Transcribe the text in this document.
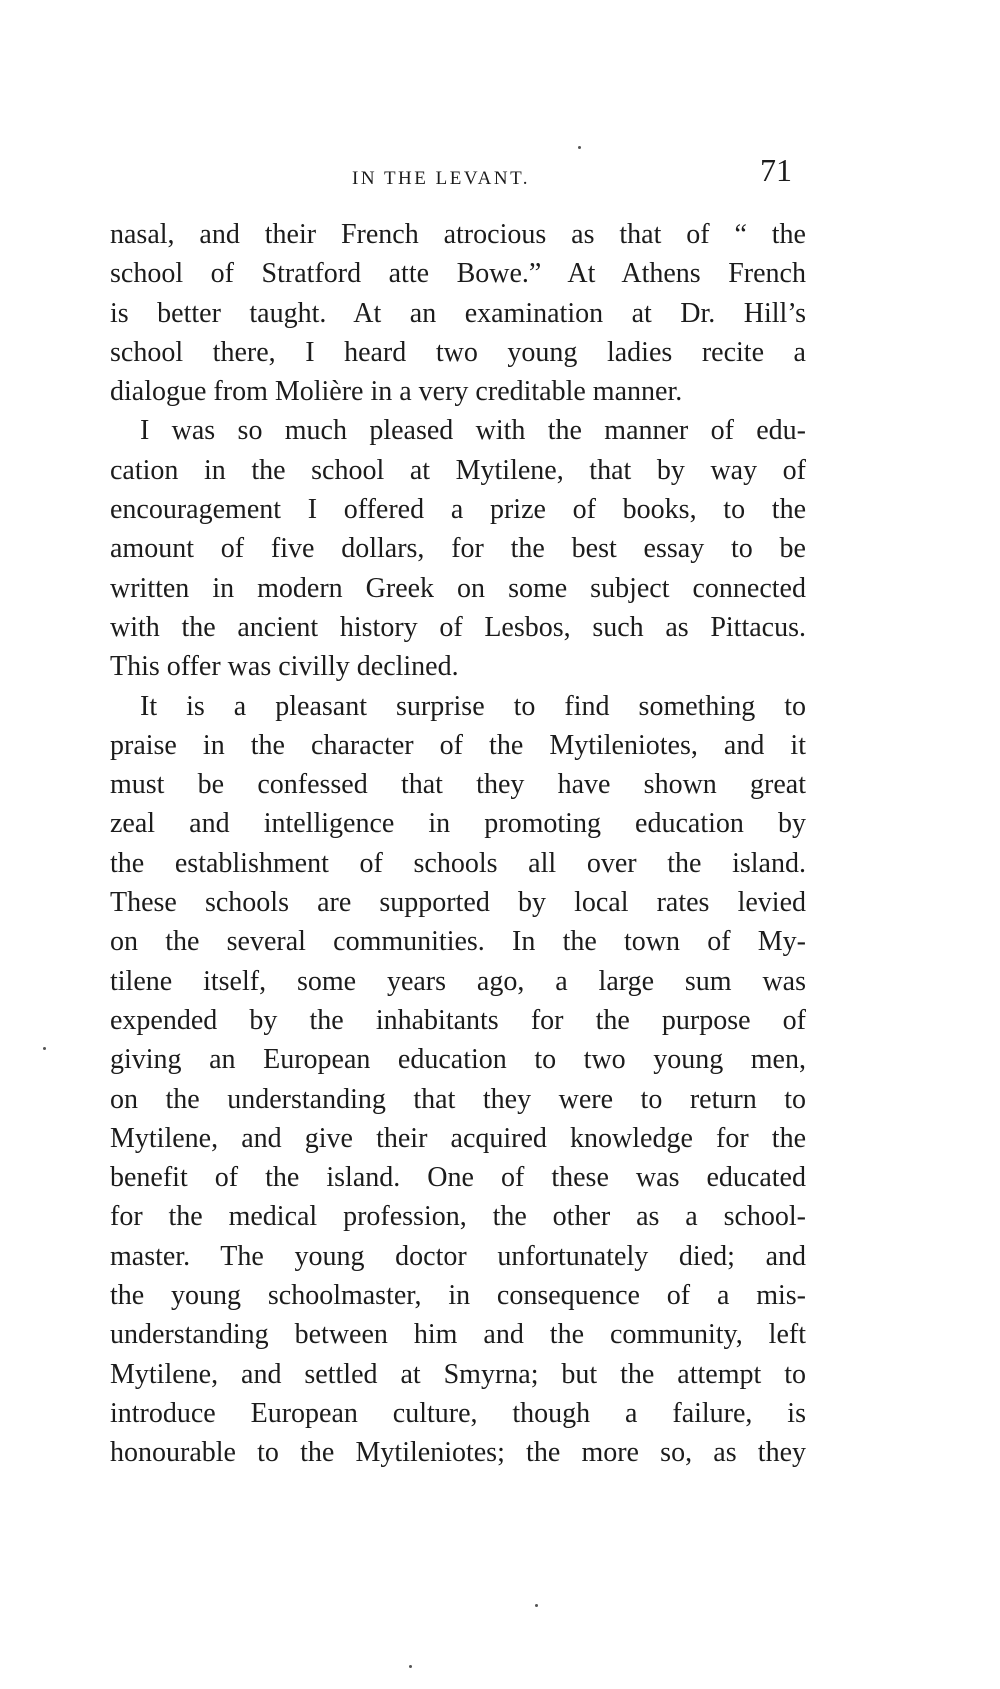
IN THE LEVANT.	71
nasal, and their French atrocious as that of “ the
school of Stratford atte Bowe.” At Athens French
is better taught. At an examination at Dr. Hill’s
school there, I heard two young ladies recite a
dialogue from Molière in a very creditable manner.
I was so much pleased with the manner of edu-
cation in the school at Mytilene, that by way of
encouragement I offered a prize of books, to the
amount of five dollars, for the best essay to be
written in modern Greek on some subject connected
with the ancient history of Lesbos, such as Pittacus.
This offer was civilly declined.
It is a pleasant surprise to find something to
praise in the character of the Mytileniotes, and it
must be confessed that they have shown great
zeal and intelligence in promoting education by
the establishment of schools all over the island.
These schools are supported by local rates levied
on the several communities. In the town of My-
tilene itself, some years ago, a large sum was
expended by the inhabitants for the purpose of
giving an European education to two young men,
on the understanding that they were to return to
Mytilene, and give their acquired knowledge for the
benefit of the island. One of these was educated
for the medical profession, the other as a school-
master. The young doctor unfortunately died; and
the young schoolmaster, in consequence of a mis-
understanding between him and the community, left
Mytilene, and settled at Smyrna; but the attempt to
introduce European culture, though a failure, is
honourable to the Mytileniotes; the more so, as they
